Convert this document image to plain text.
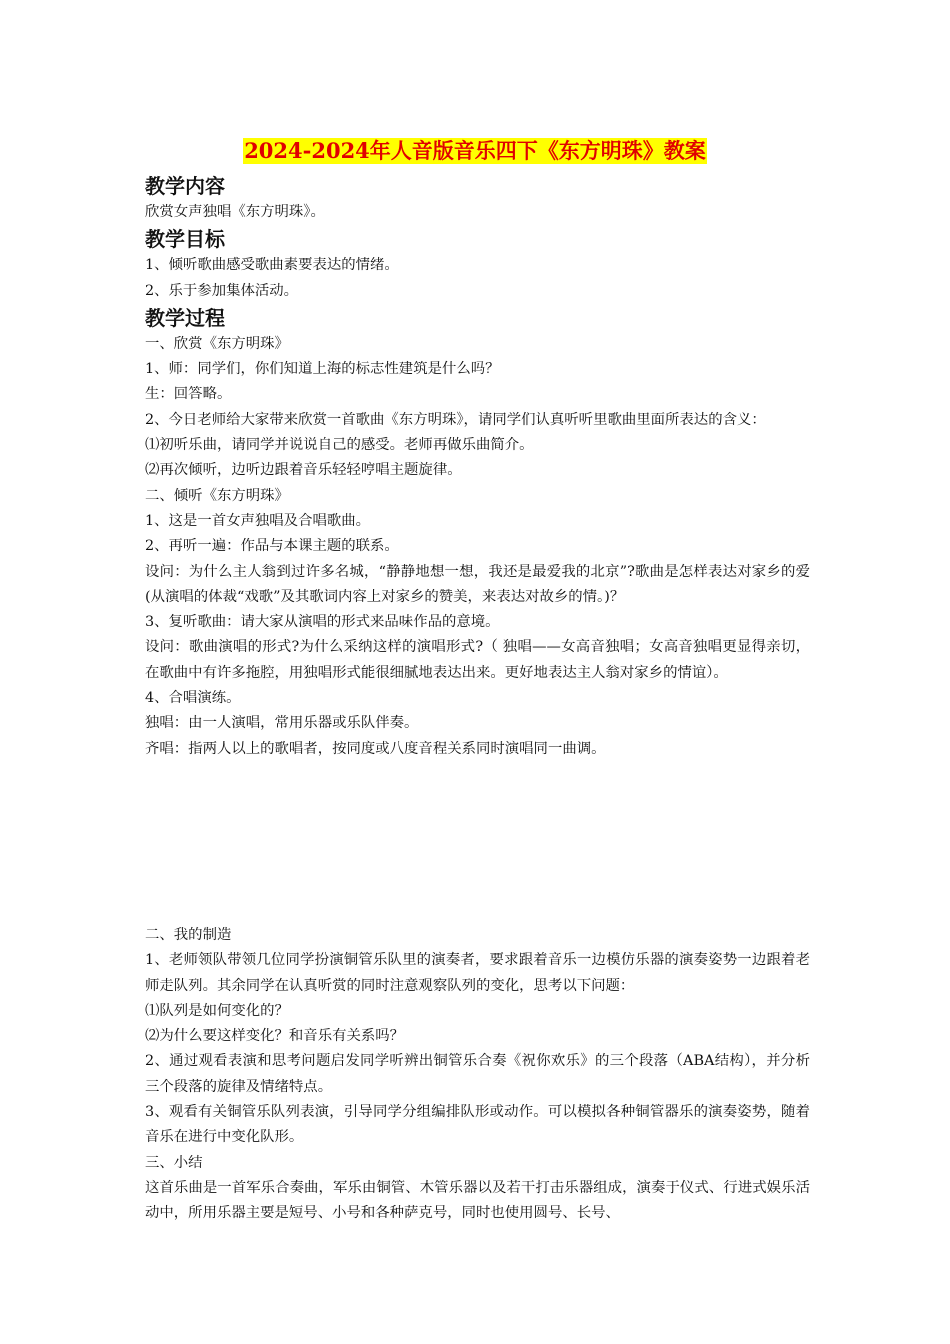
2024-2024年人音版音乐四下《东方明珠》教案
教学内容

欣赏女声独唱《东方明珠》。

教学目标

1、倾听歌曲感受歌曲素要表达的情绪。

2、乐于参加集体活动。

教学过程

一、欣赏《东方明珠》

1、师：同学们，你们知道上海的标志性建筑是什么吗？

生：回答略。

2、今日老师给大家带来欣赏一首歌曲《东方明珠》，请同学们认真听听里歌曲里面所表达的含义：

⑴初听乐曲，请同学并说说自己的感受。老师再做乐曲简介。

⑵再次倾听，边听边跟着音乐轻轻哼唱主题旋律。

二、倾听《东方明珠》

1、这是一首女声独唱及合唱歌曲。

2、再听一遍：作品与本课主题的联系。

设问：为什么主人翁到过许多名城，“静静地想一想，我还是最爱我的北京”?歌曲是怎样表达对家乡的爱(从演唱的体裁“戏歌”及其歌词内容上对家乡的赞美，来表达对故乡的情。)？

3、复听歌曲：请大家从演唱的形式来品味作品的意境。

设问：歌曲演唱的形式?为什么采纳这样的演唱形式?（ 独唱——女高音独唱；女高音独唱更显得亲切，在歌曲中有许多拖腔，用独唱形式能很细腻地表达出来。更好地表达主人翁对家乡的情谊）。

4、合唱演练。

独唱：由一人演唱，常用乐器或乐队伴奏。

齐唱：指两人以上的歌唱者，按同度或八度音程关系同时演唱同一曲调。

二、我的制造

1、老师领队带领几位同学扮演铜管乐队里的演奏者，要求跟着音乐一边模仿乐器的演奏姿势一边跟着老师走队列。其余同学在认真听赏的同时注意观察队列的变化，思考以下问题：

⑴队列是如何变化的？

⑵为什么要这样变化？和音乐有关系吗？

2、通过观看表演和思考问题启发同学听辨出铜管乐合奏《祝你欢乐》的三个段落（ABA结构），并分析三个段落的旋律及情绪特点。

3、观看有关铜管乐队列表演，引导同学分组编排队形或动作。可以模拟各种铜管器乐的演奏姿势，随着音乐在进行中变化队形。

三、小结

这首乐曲是一首军乐合奏曲，军乐由铜管、木管乐器以及若干打击乐器组成，演奏于仪式、行进式娱乐活动中，所用乐器主要是短号、小号和各种萨克号，同时也使用圆号、长号、
